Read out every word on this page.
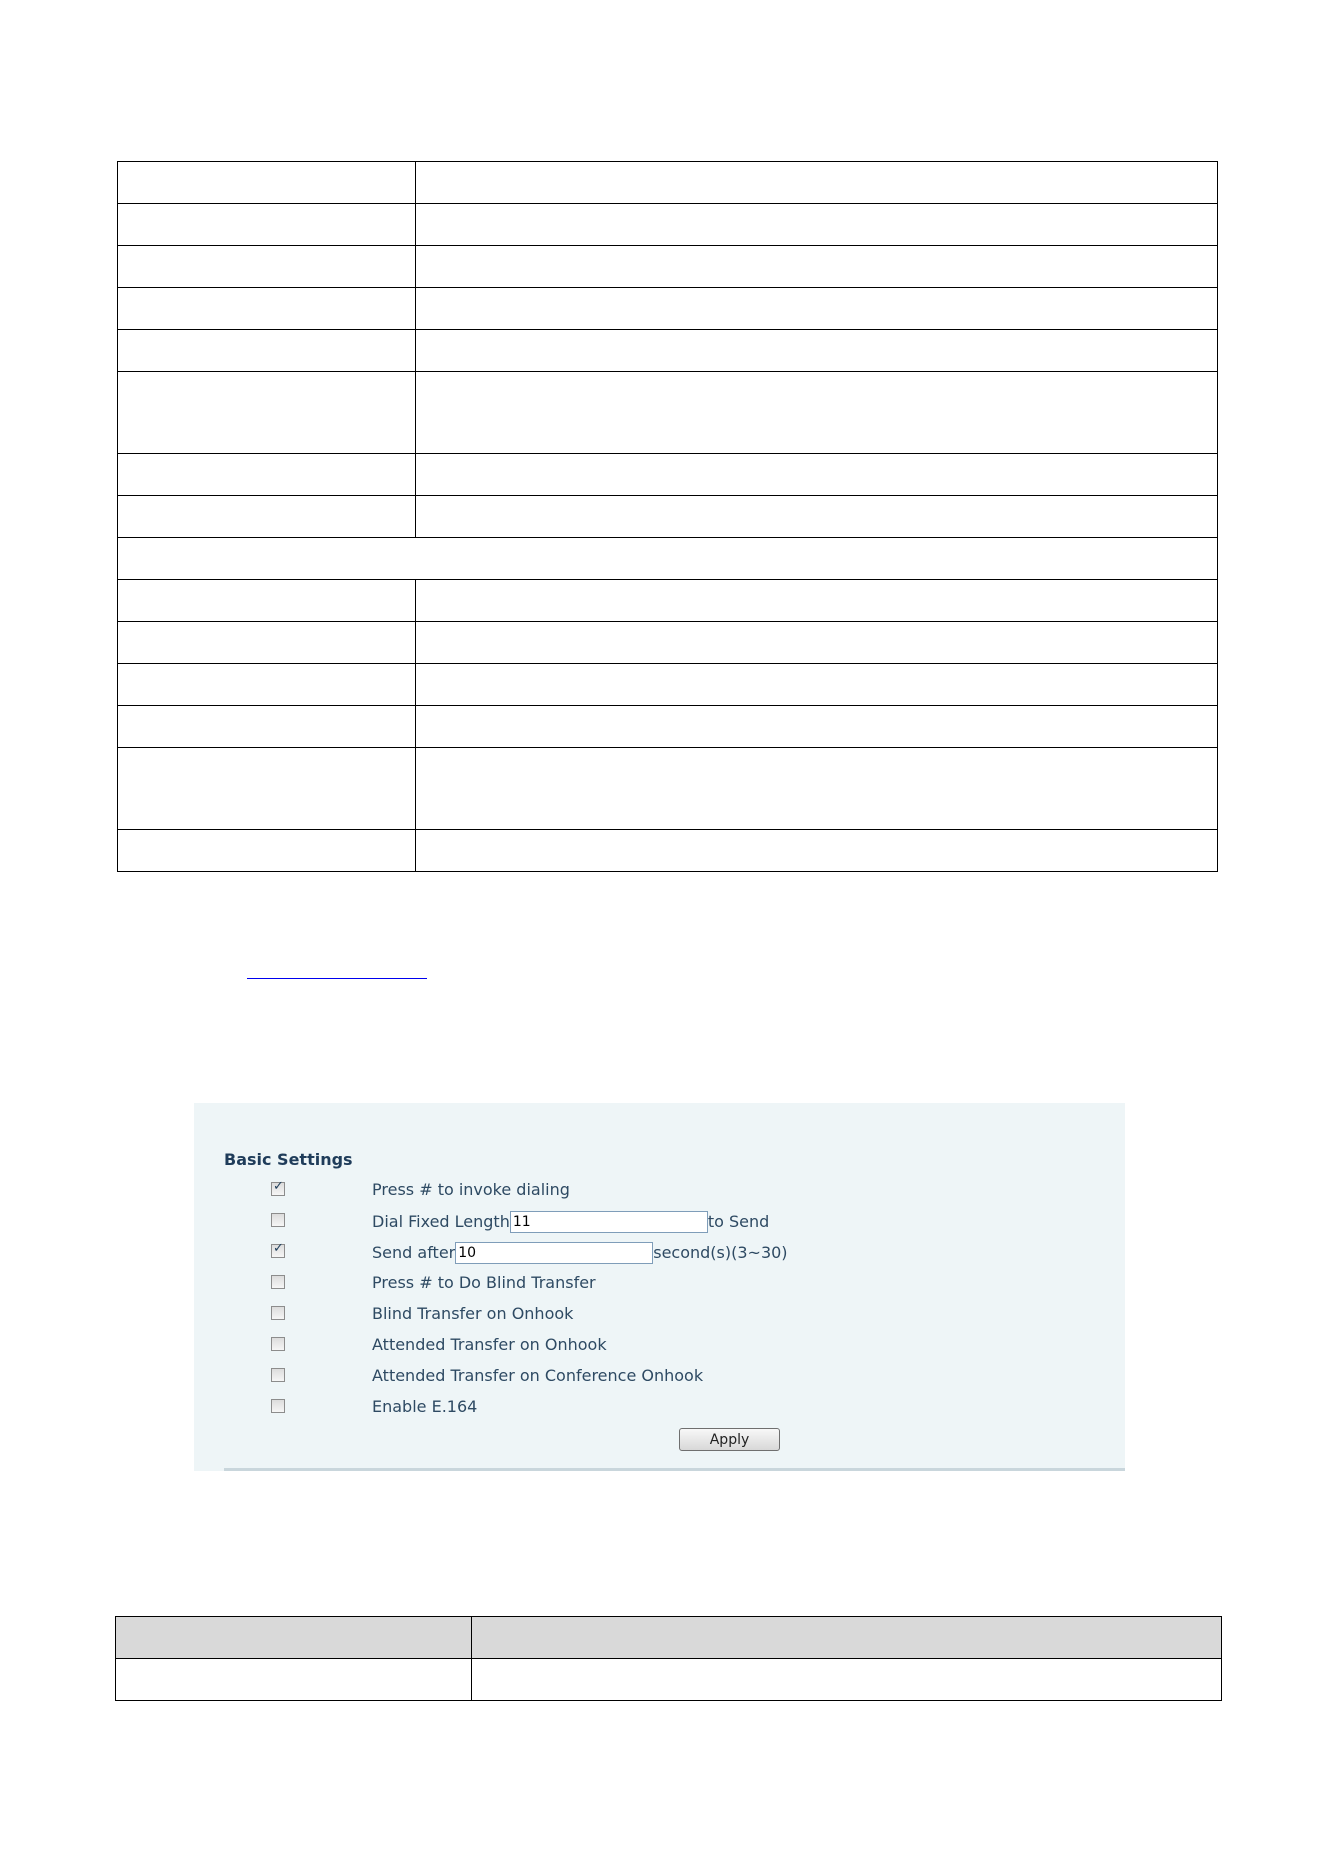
Basic Settings
✓	Press # to invoke dialing
Dial Fixed Length
11	to Send
✓	Send after
10	second(s)(3~30)
Press # to Do Blind Transfer
Blind Transfer on Onhook
Attended Transfer on Onhook
Attended Transfer on Conference Onhook
Enable E.164
Apply
